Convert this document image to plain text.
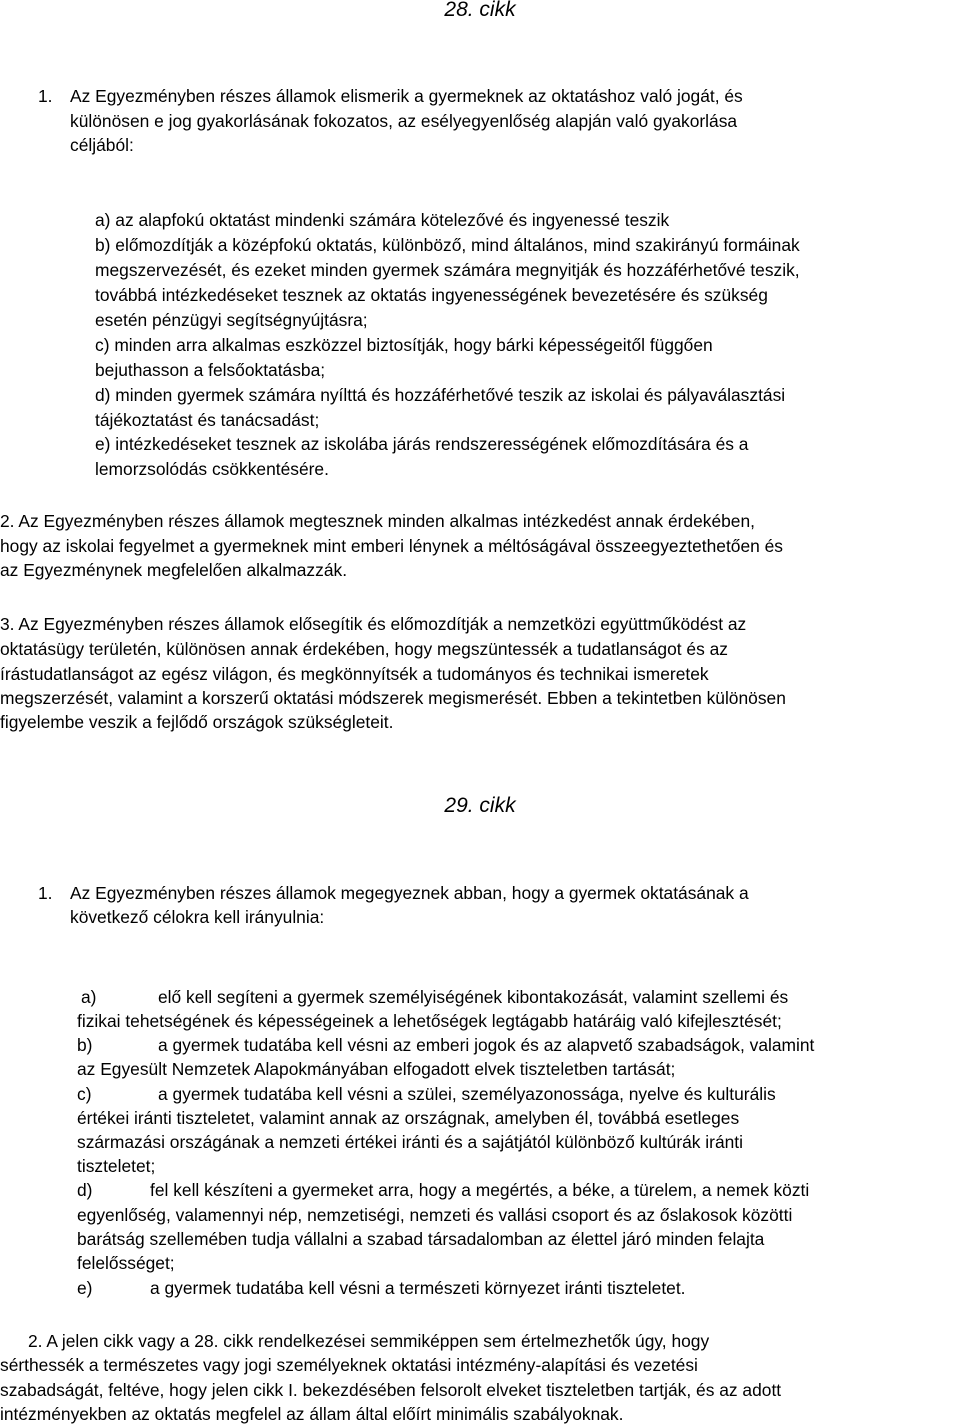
28. cikk
1. Az Egyezményben részes államok elismerik a gyermeknek az oktatáshoz való jogát, és
különösen e jog gyakorlásának fokozatos, az esélyegyenlőség alapján való gyakorlása
céljából:
a) az alapfokú oktatást mindenki számára kötelezővé és ingyenessé teszik
b) előmozdítják a középfokú oktatás, különböző, mind általános, mind szakirányú formáinak
megszervezését, és ezeket minden gyermek számára megnyitják és hozzáférhetővé teszik,
továbbá intézkedéseket tesznek az oktatás ingyenességének bevezetésére és szükség
esetén pénzügyi segítségnyújtásra;
c) minden arra alkalmas eszközzel biztosítják, hogy bárki képességeitől függően
bejuthasson a felsőoktatásba;
d) minden gyermek számára nyílttá és hozzáférhetővé teszik az iskolai és pályaválasztási
tájékoztatást és tanácsadást;
e) intézkedéseket tesznek az iskolába járás rendszerességének előmozdítására és a
lemorzsolódás csökkentésére.
2. Az Egyezményben részes államok megtesznek minden alkalmas intézkedést annak érdekében,
hogy az iskolai fegyelmet a gyermeknek mint emberi lénynek a méltóságával összeegyeztethetően és
az Egyezménynek megfelelően alkalmazzák.
3. Az Egyezményben részes államok elősegítik és előmozdítják a nemzetközi együttműködést az
oktatásügy területén, különösen annak érdekében, hogy megszüntessék a tudatlanságot és az
írástudatlanságot az egész világon, és megkönnyítsék a tudományos és technikai ismeretek
megszerzését, valamint a korszerű oktatási módszerek megismerését. Ebben a tekintetben különösen
figyelembe veszik a fejlődő országok szükségleteit.
29. cikk
1. Az Egyezményben részes államok megegyeznek abban, hogy a gyermek oktatásának a
következő célokra kell irányulnia:
a)	elő kell segíteni a gyermek személyiségének kibontakozását, valamint szellemi és
fizikai tehetségének és képességeinek a lehetőségek legtágabb határáig való kifejlesztését;
b)	a gyermek tudatába kell vésni az emberi jogok és az alapvető szabadságok, valamint
az Egyesült Nemzetek Alapokmányában elfogadott elvek tiszteletben tartását;
c)	a gyermek tudatába kell vésni a szülei, személyazonossága, nyelve és kulturális
értékei iránti tiszteletet, valamint annak az országnak, amelyben él, továbbá esetleges
származási országának a nemzeti értékei iránti és a sajátjától különböző kultúrák iránti
tiszteletet;
d)	fel kell készíteni a gyermeket arra, hogy a megértés, a béke, a türelem, a nemek közti
egyenlőség, valamennyi nép, nemzetiségi, nemzeti és vallási csoport és az őslakosok közötti
barátság szellemében tudja vállalni a szabad társadalomban az élettel járó minden felajta
felelősséget;
e)	a gyermek tudatába kell vésni a természeti környezet iránti tiszteletet.
2. A jelen cikk vagy a 28. cikk rendelkezései semmiképpen sem értelmezhetők úgy, hogy
sérthessék a természetes vagy jogi személyeknek oktatási intézmény-alapítási és vezetési
szabadságát, feltéve, hogy jelen cikk I. bekezdésében felsorolt elveket tiszteletben tartják, és az adott
intézményekben az oktatás megfelel az állam által előírt minimális szabályoknak.
